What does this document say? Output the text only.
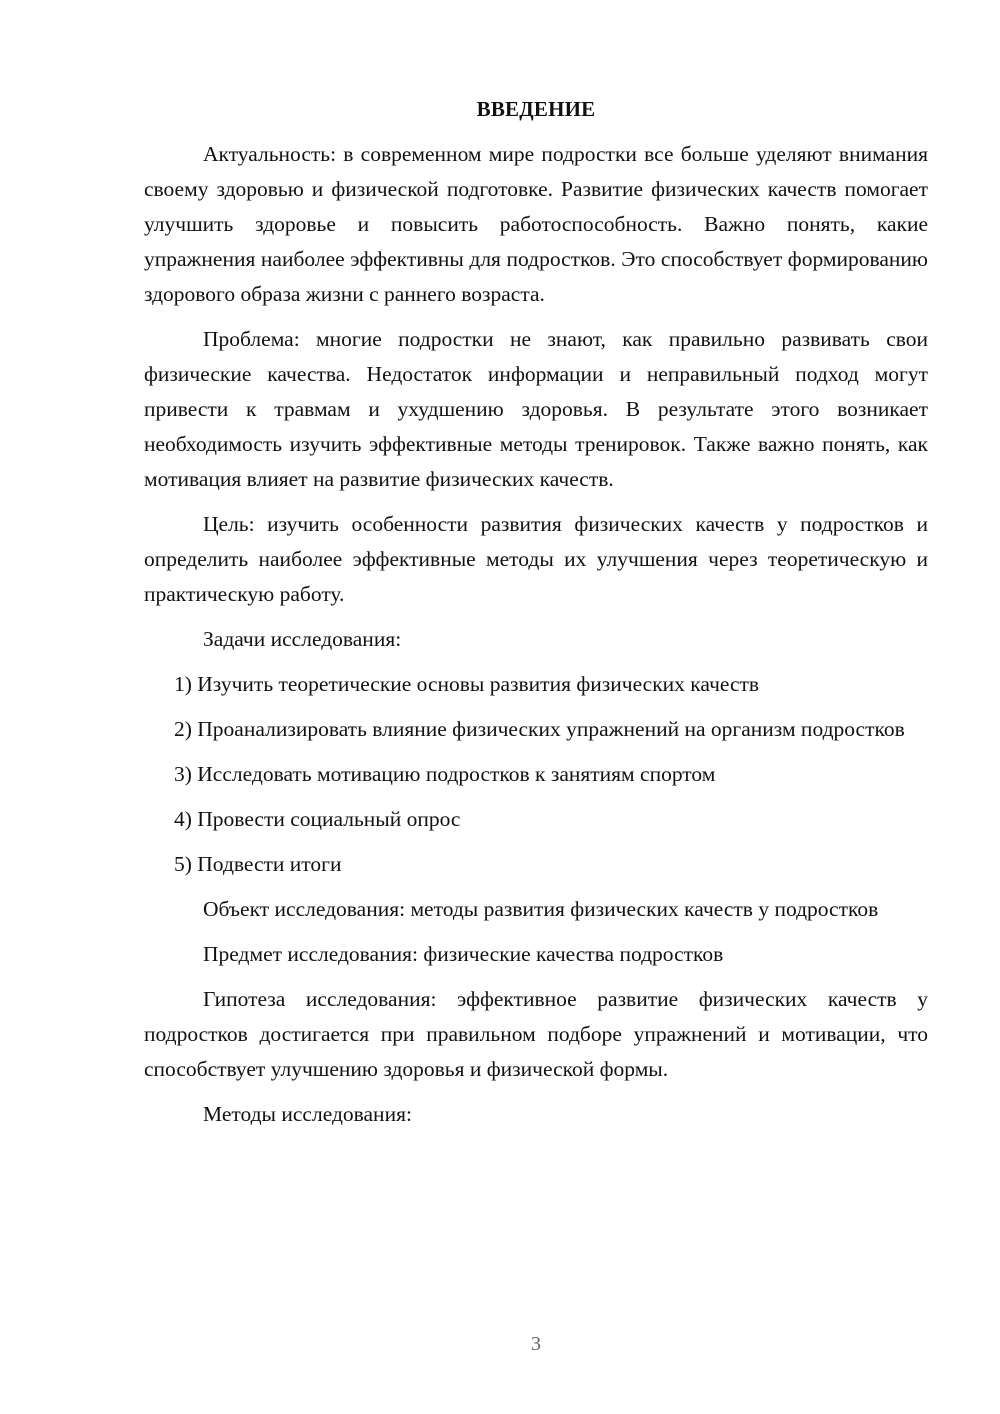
ВВЕДЕНИЕ

Актуальность: в современном мире подростки все больше уделяют внимания своему здоровью и физической подготовке. Развитие физических качеств помогает улучшить здоровье и повысить работоспособность. Важно понять, какие упражнения наиболее эффективны для подростков. Это способствует формированию здорового образа жизни с раннего возраста.

Проблема: многие подростки не знают, как правильно развивать свои физические качества. Недостаток информации и неправильный подход могут привести к травмам и ухудшению здоровья. В результате этого возникает необходимость изучить эффективные методы тренировок. Также важно понять, как мотивация влияет на развитие физических качеств.

Цель: изучить особенности развития физических качеств у подростков и определить наиболее эффективные методы их улучшения через теоретическую и практическую работу.

Задачи исследования:

1) Изучить теоретические основы развития физических качеств

2) Проанализировать влияние физических упражнений на организм подростков

3) Исследовать мотивацию подростков к занятиям спортом

4) Провести социальный опрос

5) Подвести итоги

Объект исследования: методы развития физических качеств у подростков

Предмет исследования: физические качества подростков

Гипотеза исследования: эффективное развитие физических качеств у подростков достигается при правильном подборе упражнений и мотивации, что способствует улучшению здоровья и физической формы.

Методы исследования:

3
